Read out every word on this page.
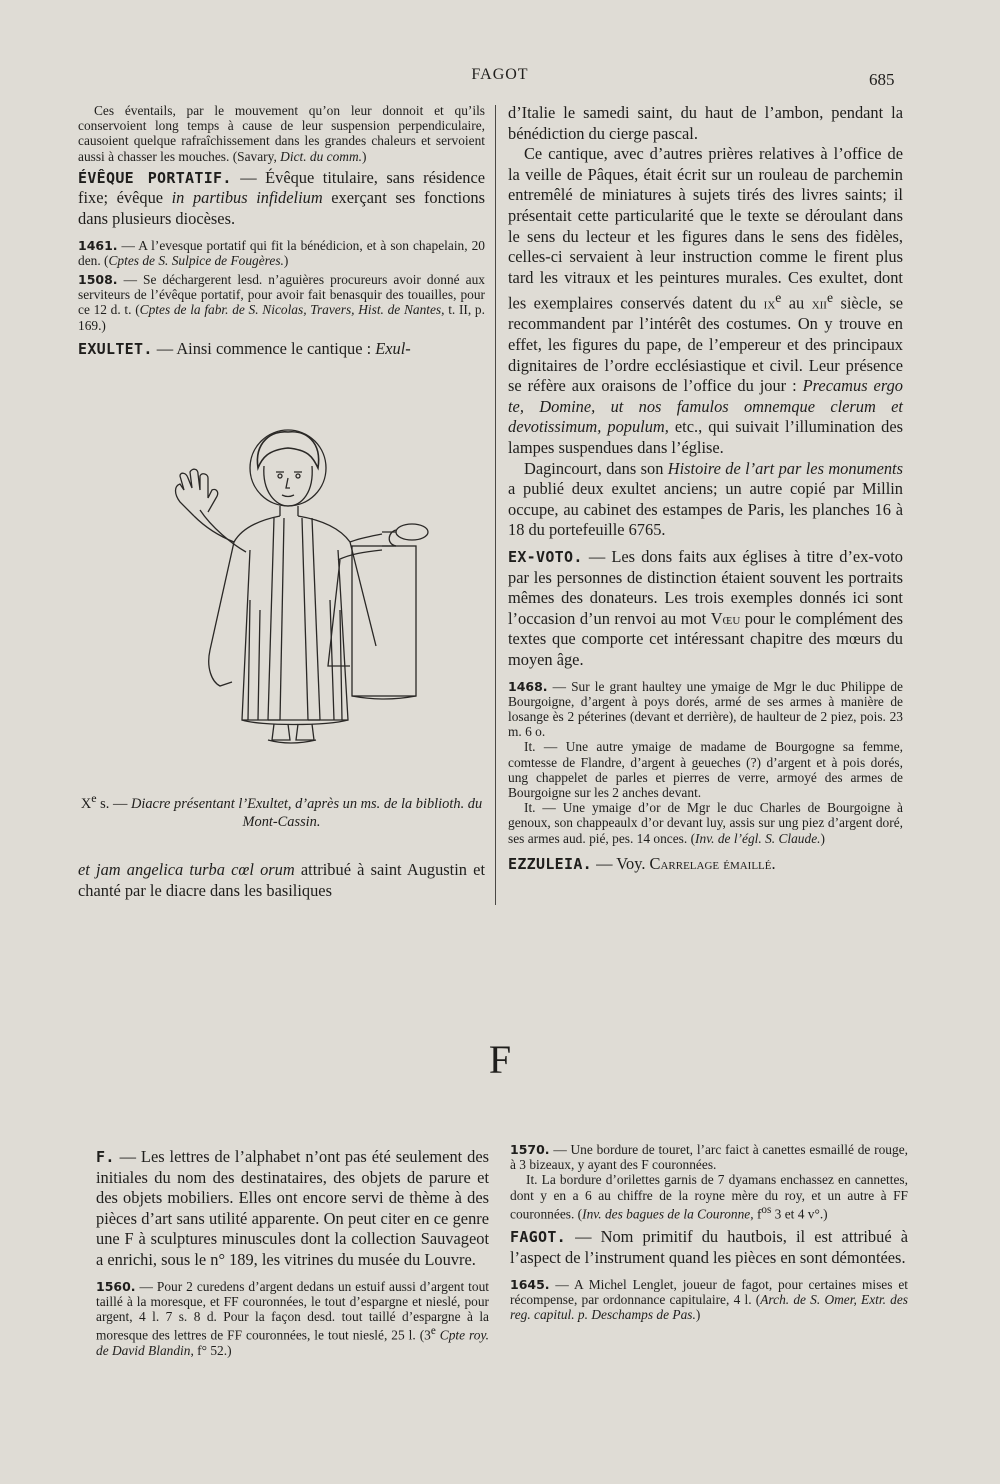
FAGOT	685

Ces éventails, par le mouvement qu’on leur donnoit et qu’ils conservoient long temps à cause de leur suspension perpendiculaire, causoient quelque rafraîchissement dans les grandes chaleurs et servoient aussi à chasser les mouches. (Savary, Dict. du comm.)

ÉVÊQUE PORTATIF. — Évêque titulaire, sans résidence fixe; évêque in partibus infidelium exerçant ses fonctions dans plusieurs diocèses.

1461. — A l’evesque portatif qui fit la bénédicion, et à son chapelain, 20 den. (Cptes de S. Sulpice de Fougères.)

1508. — Se déchargerent lesd. n’aguières procureurs avoir donné aux serviteurs de l’évêque portatif, pour avoir fait benasquir des touailles, pour ce 12 d. t. (Cptes de la fabr. de S. Nicolas, Travers, Hist. de Nantes, t. II, p. 169.)

EXULTET. — Ainsi commence le cantique : Exul-

Xe s. — Diacre présentant l’Exultet, d’après un ms. de la biblioth. du Mont-Cassin.

et jam angelica turba cœl orum attribué à saint Augustin et chanté par le diacre dans les basiliques

d’Italie le samedi saint, du haut de l’ambon, pendant la bénédiction du cierge pascal.

Ce cantique, avec d’autres prières relatives à l’office de la veille de Pâques, était écrit sur un rouleau de parchemin entremêlé de miniatures à sujets tirés des livres saints; il présentait cette particularité que le texte se déroulant dans le sens du lecteur et les figures dans le sens des fidèles, celles-ci servaient à leur instruction comme le firent plus tard les vitraux et les peintures murales. Ces exultet, dont les exemplaires conservés datent du $ix^e$ au xii$^e$ siècle, se recommandent par l’intérêt des costumes. On y trouve en effet, les figures du pape, de l’empereur et des principaux dignitaires de l’ordre ecclésiastique et civil. Leur présence se réfère aux oraisons de l’office du jour : Precamus ergo te, Domine, ut nos famulos omnemque clerum et devotissimum, populum, etc., qui suivait l’illumination des lampes suspendues dans l’église.

Dagincourt, dans son Histoire de l’art par les monuments a publié deux exultet anciens; un autre copié par Millin occupe, au cabinet des estampes de Paris, les planches 16 à 18 du portefeuille 6765.

EX-VOTO. — Les dons faits aux églises à titre d’ex-voto par les personnes de distinction étaient souvent les portraits mêmes des donateurs. Les trois exemples donnés ici sont l’occasion d’un renvoi au mot Vœu pour le complément des textes que comporte cet intéressant chapitre des mœurs du moyen âge.

1468. — Sur le grant haultey une ymaige de Mgr le duc Philippe de Bourgoigne, d’argent à poys dorés, armé de ses armes à manière de losange ès 2 péterines (devant et derrière), de haulteur de 2 piez, pois. 23 m. 6 o.

It. — Une autre ymaige de madame de Bourgogne sa femme, comtesse de Flandre, d’argent à geueches (?) d’argent et à pois dorés, ung chappelet de parles et pierres de verre, armoyé des armes de Bourgoigne sur les 2 anches devant.

It. — Une ymaige d’or de Mgr le duc Charles de Bourgoigne à genoux, son chappeaulx d’or devant luy, assis sur ung piez d’argent doré, ses armes aud. pié, pes. 14 onces. (Inv. de l’égl. S. Claude.)

EZZULEIA. — Voy. Carrelage émaillé.

F

F. — Les lettres de l’alphabet n’ont pas été seulement des initiales du nom des destinataires, des objets de parure et des objets mobiliers. Elles ont encore servi de thème à des pièces d’art sans utilité apparente. On peut citer en ce genre une F à sculptures minuscules dont la collection Sauvageot a enrichi, sous le n° 189, les vitrines du musée du Louvre.

1560. — Pour 2 curedens d’argent dedans un estuif aussi d’argent tout taillé à la moresque, et FF couronnées, le tout d’espargne et nieslé, pour argent, 4 l. 7 s. 8 d. Pour la façon desd. tout taillé d’espargne à la moresque des lettres de FF couronnées, le tout nieslé, 25 l. (3e Cpte roy. de David Blandin, f° 52.)

1570. — Une bordure de touret, l’arc faict à canettes esmaillé de rouge, à 3 bizeaux, y ayant des F couronnées.

It. La bordure d’orilettes garnis de 7 dyamans enchassez en cannettes, dont y en a 6 au chiffre de la royne mère du roy, et un autre à FF couronnées. (Inv. des bagues de la Couronne, $f^{os}$ 3 et 4 v°.)

FAGOT. — Nom primitif du hautbois, il est attribué à l’aspect de l’instrument quand les pièces en sont démontées.

1645. — A Michel Lenglet, joueur de fagot, pour certaines mises et récompense, par ordonnance capitulaire, 4 l. (Arch. de S. Omer, Extr. des reg. capitul. p. Deschamps de Pas.)
